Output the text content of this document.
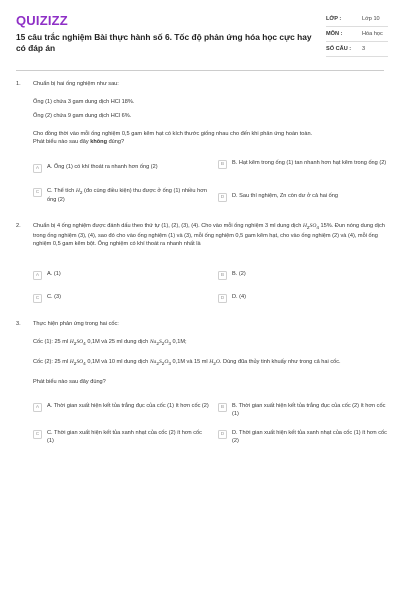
QUIZIZZ
15 câu trắc nghiệm Bài thực hành số 6. Tốc độ phản ứng hóa học cực hay có đáp án
LỚP :	Lớp 10
MÔN :	Hóa học
SỐ CÂU : 3
1. Chuẩn bị hai ống nghiệm như sau:

Ống (1) chứa 3 gam dung dịch HCl 18%.

Ống (2) chứa 9 gam dung dịch HCl 6%.

Cho đồng thời vào mỗi ống nghiệm 0,5 gam kẽm hạt có kích thước giống nhau cho đến khi phản ứng hoàn toàn.

Phát biểu nào sau đây không đúng?

A	A. Ống (1) có khí thoát ra nhanh hơn ống (2)	B	B. Hạt kẽm trong ống (1) tan nhanh hơn hạt kẽm trong ống (2)
C	C. Thể tích $H_2$ (đo cùng điều kiện) thu được ở ống (1) nhiều hơn ống (2)	D	D. Sau thí nghiệm, Zn còn dư ở cả hai ống
2. Chuẩn bị 4 ống nghiệm được đánh dấu theo thứ tự (1), (2), (3), (4). Cho vào mỗi ống nghiệm 3 ml dung dịch $H_2SO_4$ 15%. Đun nóng dung dịch trong ống nghiệm (3), (4), sao đó cho vào ống nghiệm (1) và (3), mỗi ống nghiệm 0,5 gam kẽm hạt, cho vào ống nghiệm (2) và (4), mỗi ống nghiệm 0,5 gam kẽm bột. Ống nghiệm có khí thoát ra nhanh nhất là

A	A. (1)	B	B. (2)
C	C. (3)	D	D. (4)
3. Thực hiện phản ứng trong hai cốc:

Cốc (1): 25 ml $H_2SO_4$ 0,1M và 25 ml dung dịch $Na_2S_2O_3$ 0,1M;

Cốc (2): 25 ml $H_2SO_4$ 0,1M và 10 ml dung dịch $Na_2S_2O_3$ 0,1M và 15 ml $H_2O$. Dùng đũa thủy tinh khuấy như trong cả hai cốc.

Phát biểu nào sau đây đúng?

A	A. Thời gian xuất hiện kết tủa trắng đục của cốc (1) ít hơn cốc (2)	B	B. Thời gian xuất hiện kết tủa trắng đục của cốc (2) ít hơn cốc (1)
C	C. Thời gian xuất hiện kết tủa xanh nhạt của cốc (2) ít hơn cốc (1)
D	D. Thời gian xuất hiện kết tủa xanh nhạt của cốc (1) ít hơn cốc (2)
